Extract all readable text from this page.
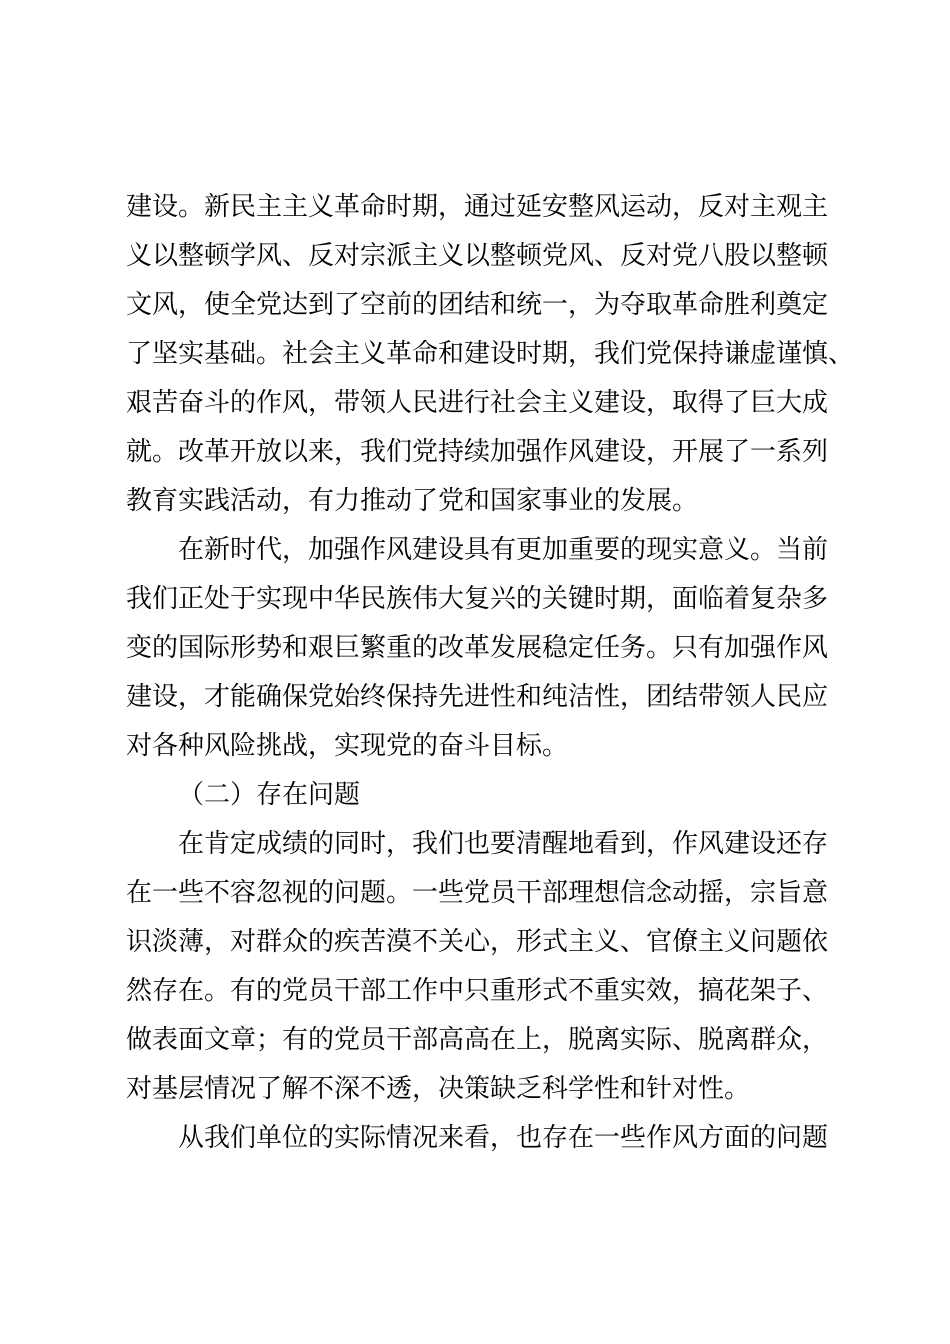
建设。新民主主义革命时期，通过延安整风运动，反对主观主
义以整顿学风、反对宗派主义以整顿党风、反对党八股以整顿
文风，使全党达到了空前的团结和统一，为夺取革命胜利奠定
了坚实基础。社会主义革命和建设时期，我们党保持谦虚谨慎、
艰苦奋斗的作风，带领人民进行社会主义建设，取得了巨大成
就。改革开放以来，我们党持续加强作风建设，开展了一系列
教育实践活动，有力推动了党和国家事业的发展。
在新时代，加强作风建设具有更加重要的现实意义。当前
我们正处于实现中华民族伟大复兴的关键时期，面临着复杂多
变的国际形势和艰巨繁重的改革发展稳定任务。只有加强作风
建设，才能确保党始终保持先进性和纯洁性，团结带领人民应
对各种风险挑战，实现党的奋斗目标。
（二）存在问题
在肯定成绩的同时，我们也要清醒地看到，作风建设还存
在一些不容忽视的问题。一些党员干部理想信念动摇，宗旨意
识淡薄，对群众的疾苦漠不关心，形式主义、官僚主义问题依
然存在。有的党员干部工作中只重形式不重实效，搞花架子、
做表面文章；有的党员干部高高在上，脱离实际、脱离群众，
对基层情况了解不深不透，决策缺乏科学性和针对性。
从我们单位的实际情况来看，也存在一些作风方面的问题
